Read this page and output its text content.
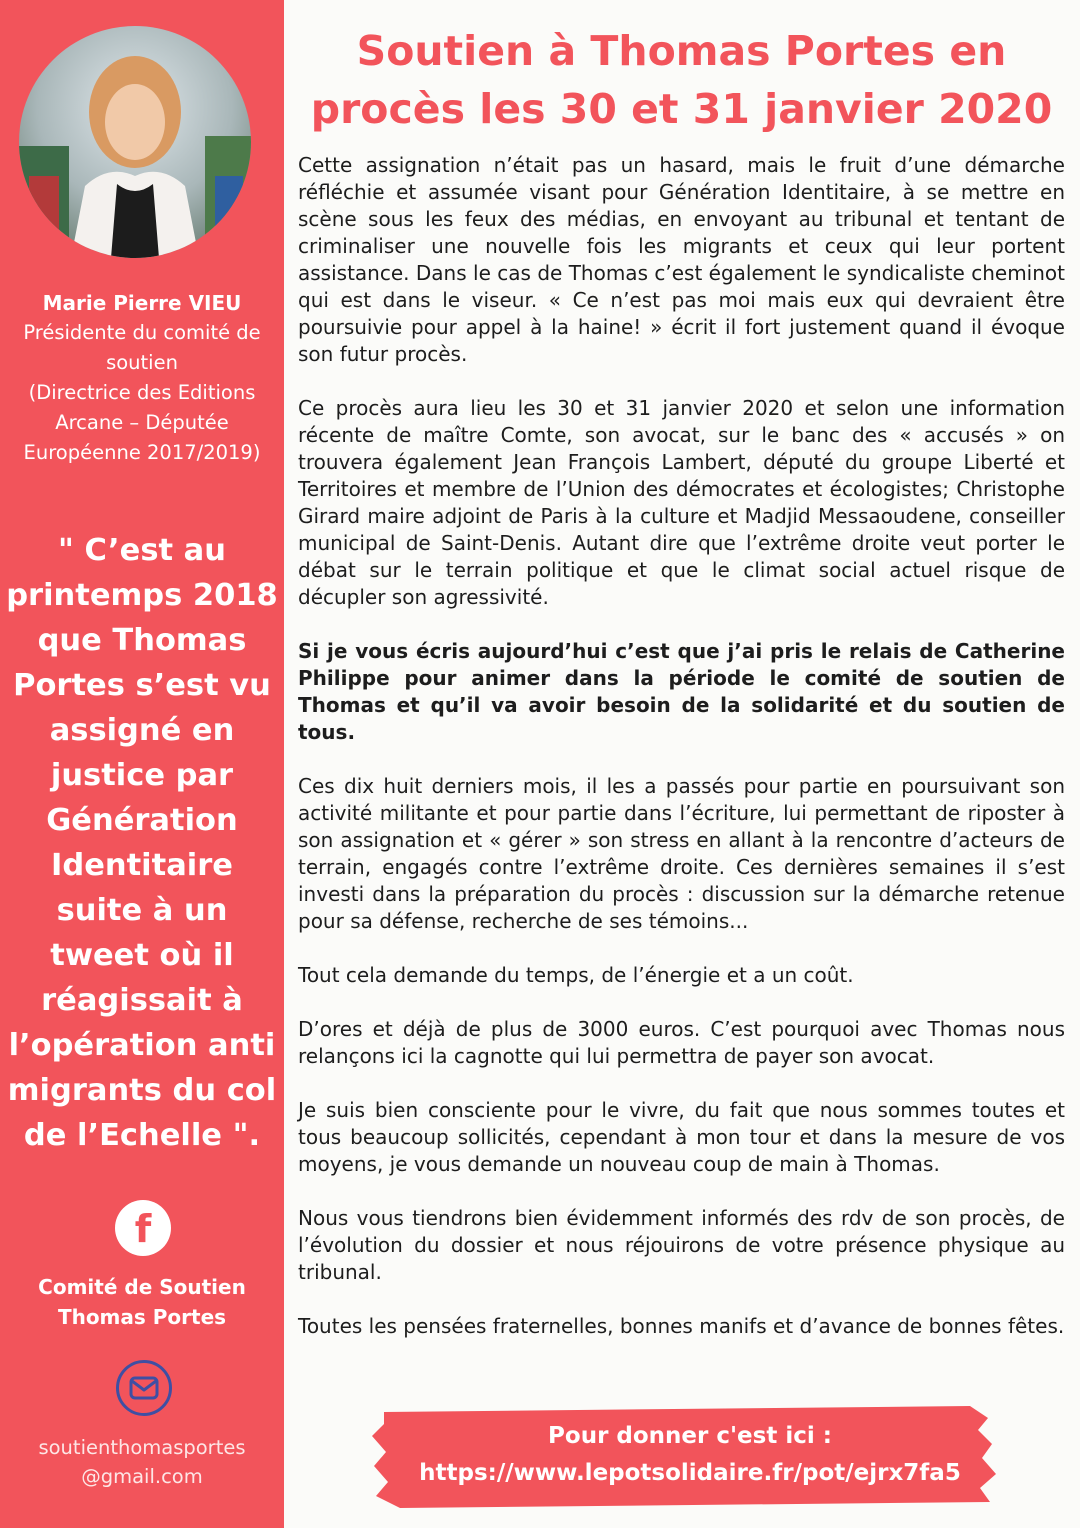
Marie Pierre VIEU
Présidente du comité de soutien
(Directrice des Editions Arcane – Députée Européenne 2017/2019)
" C’est au printemps 2018 que Thomas Portes s’est vu assigné en justice par Génération Identitaire suite à un tweet où il réagissait à l’opération anti migrants du col de l’Echelle ".
f
Comité de Soutien
Thomas Portes
soutienthomasportes
@gmail.com
Soutien à Thomas Portes en procès les 30 et 31 janvier 2020

Cette assignation n’était pas un hasard, mais le fruit d’une démarche réfléchie et assumée visant pour Génération Identitaire, à se mettre en scène sous les feux des médias, en envoyant au tribunal et tentant de criminaliser une nouvelle fois les migrants et ceux qui leur portent assistance. Dans le cas de Thomas c’est également le syndicaliste cheminot qui est dans le viseur. « Ce n’est pas moi mais eux qui devraient être poursuivie pour appel à la haine! » écrit il fort justement quand il évoque son futur procès.

Ce procès aura lieu les 30 et 31 janvier 2020 et selon une information récente de maître Comte, son avocat, sur le banc des « accusés » on trouvera également Jean François Lambert, député du groupe Liberté et Territoires et membre de l’Union des démocrates et écologistes; Christophe Girard maire adjoint de Paris à la culture et Madjid Messaoudene, conseiller municipal de Saint-Denis. Autant dire que l’extrême droite veut porter le débat sur le terrain politique et que le climat social actuel risque de décupler son agressivité.

Si je vous écris aujourd’hui c’est que j’ai pris le relais de Catherine Philippe pour animer dans la période le comité de soutien de Thomas et qu’il va avoir besoin de la solidarité et du soutien de tous.

Ces dix huit derniers mois, il les a passés pour partie en poursuivant son activité militante et pour partie dans l’écriture, lui permettant de riposter à son assignation et « gérer » son stress en allant à la rencontre d’acteurs de terrain, engagés contre l’extrême droite. Ces dernières semaines il s’est investi dans la préparation du procès : discussion sur la démarche retenue pour sa défense, recherche de ses témoins...

Tout cela demande du temps, de l’énergie et a un coût.

D’ores et déjà de plus de 3000 euros. C’est pourquoi avec Thomas nous relançons ici la cagnotte qui lui permettra de payer son avocat.

Je suis bien consciente pour le vivre, du fait que nous sommes toutes et tous beaucoup sollicités, cependant à mon tour et dans la mesure de vos moyens, je vous demande un nouveau coup de main à Thomas.

Nous vous tiendrons bien évidemment informés des rdv de son procès, de l’évolution du dossier et nous réjouirons de votre présence physique au tribunal.

Toutes les pensées fraternelles, bonnes manifs et d’avance de bonnes fêtes.

Pour donner c'est ici :
https://www.lepotsolidaire.fr/pot/ejrx7fa5
